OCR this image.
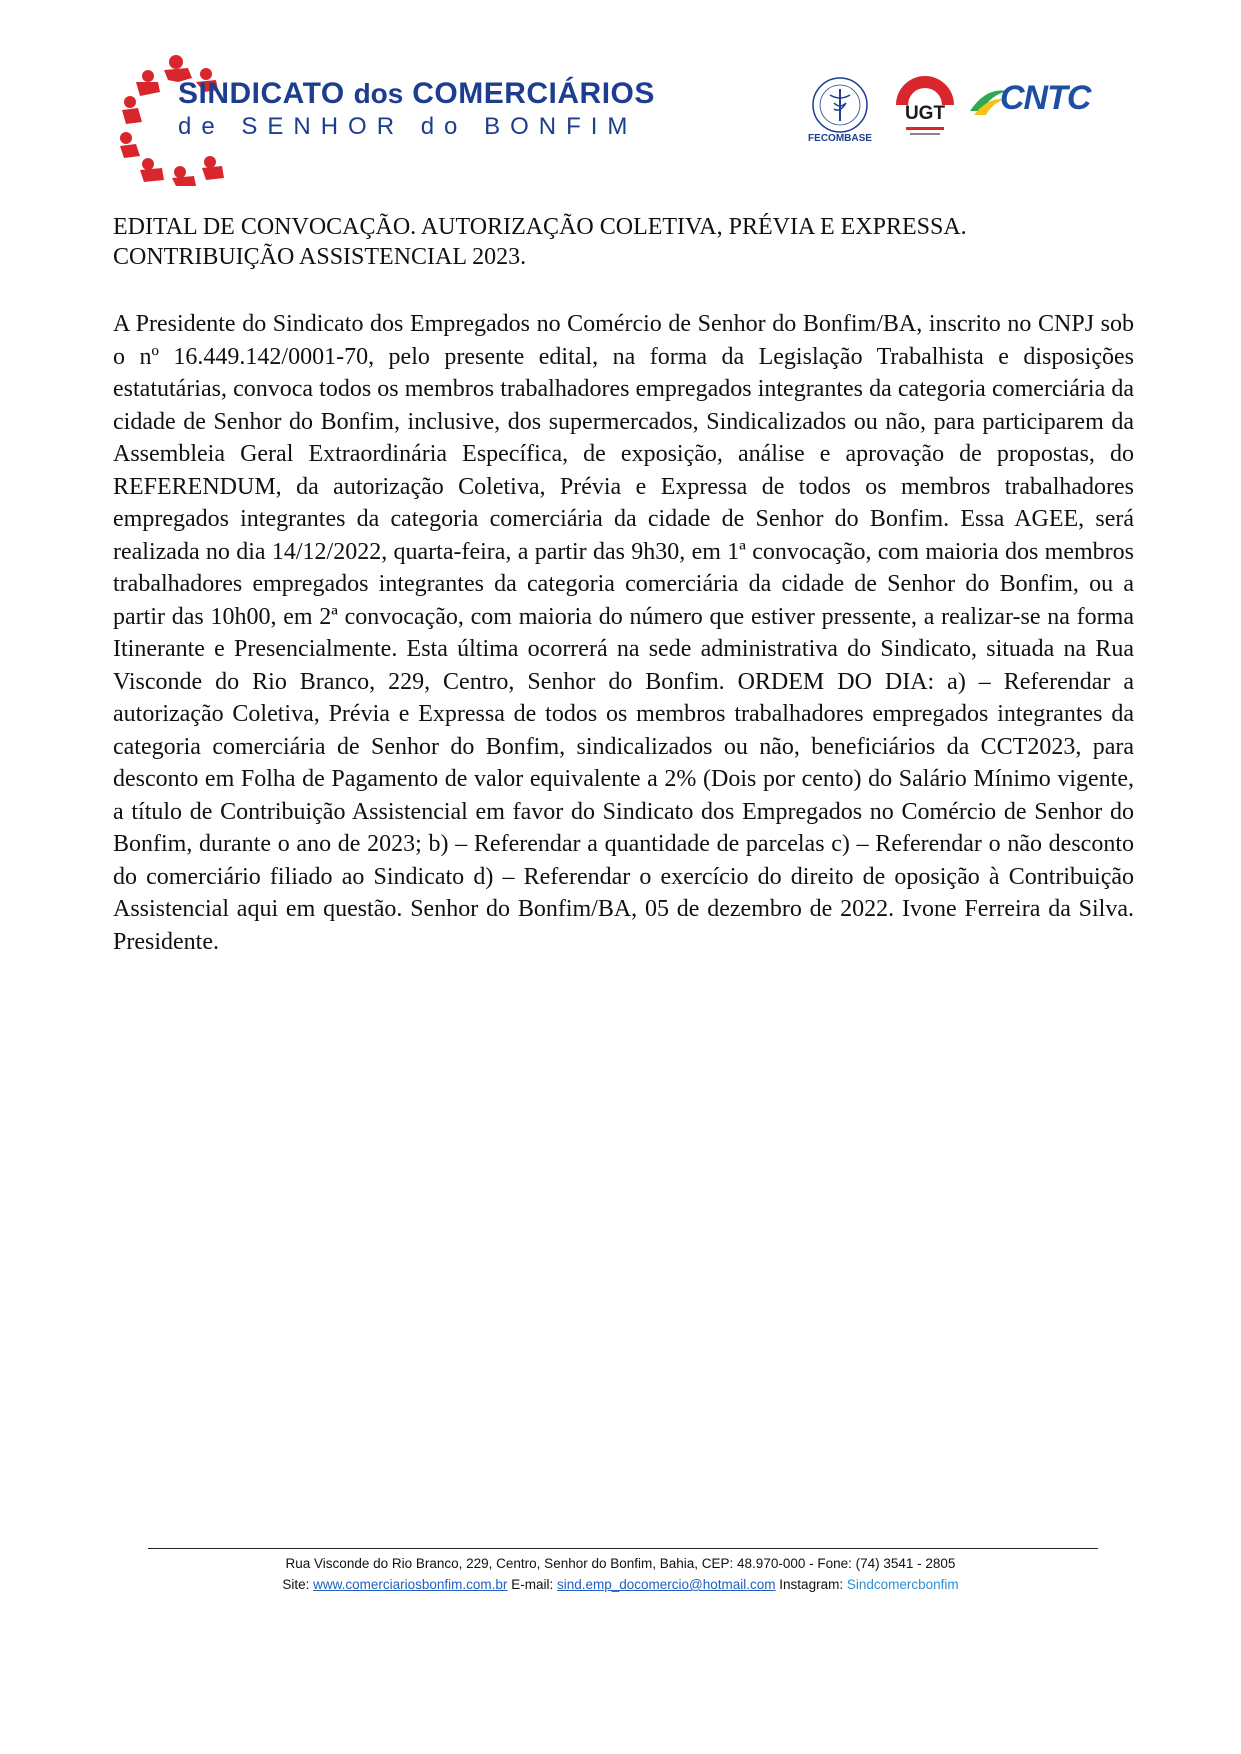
SINDICATO dos COMERCIÁRIOS
de SENHOR do BONFIM	FECOMBASE
UGT	CNTC

EDITAL DE CONVOCAÇÃO. AUTORIZAÇÃO COLETIVA, PRÉVIA E EXPRESSA. CONTRIBUIÇÃO ASSISTENCIAL 2023.

A Presidente do Sindicato dos Empregados no Comércio de Senhor do Bonfim/BA, inscrito no CNPJ sob o nº 16.449.142/0001-70, pelo presente edital, na forma da Legislação Trabalhista e disposições estatutárias, convoca todos os membros trabalhadores empregados integrantes da categoria comerciária da cidade de Senhor do Bonfim, inclusive, dos supermercados, Sindicalizados ou não, para participarem da Assembleia Geral Extraordinária Específica, de exposição, análise e aprovação de propostas, do REFERENDUM, da autorização Coletiva, Prévia e Expressa de todos os membros trabalhadores empregados integrantes da categoria comerciária da cidade de Senhor do Bonfim. Essa AGEE, será realizada no dia 14/12/2022, quarta-feira, a partir das 9h30, em 1ª convocação, com maioria dos membros trabalhadores empregados integrantes da categoria comerciária da cidade de Senhor do Bonfim, ou a partir das 10h00, em 2ª convocação, com maioria do número que estiver pressente, a realizar-se na forma Itinerante e Presencialmente. Esta última ocorrerá na sede administrativa do Sindicato, situada na Rua Visconde do Rio Branco, 229, Centro, Senhor do Bonfim. ORDEM DO DIA: a) – Referendar a autorização Coletiva, Prévia e Expressa de todos os membros trabalhadores empregados integrantes da categoria comerciária de Senhor do Bonfim, sindicalizados ou não, beneficiários da CCT2023, para desconto em Folha de Pagamento de valor equivalente a 2% (Dois por cento) do Salário Mínimo vigente, a título de Contribuição Assistencial em favor do Sindicato dos Empregados no Comércio de Senhor do Bonfim, durante o ano de 2023; b) – Referendar a quantidade de parcelas c) – Referendar o não desconto do comerciário filiado ao Sindicato d) – Referendar o exercício do direito de oposição à Contribuição Assistencial aqui em questão. Senhor do Bonfim/BA, 05 de dezembro de 2022. Ivone Ferreira da Silva. Presidente.

Rua Visconde do Rio Branco, 229, Centro, Senhor do Bonfim, Bahia, CEP: 48.970-000 - Fone: (74) 3541 - 2805
Site: www.comerciariosbonfim.com.br E-mail: sind.emp_docomercio@hotmail.com Instagram: Sindcomercbonfim
